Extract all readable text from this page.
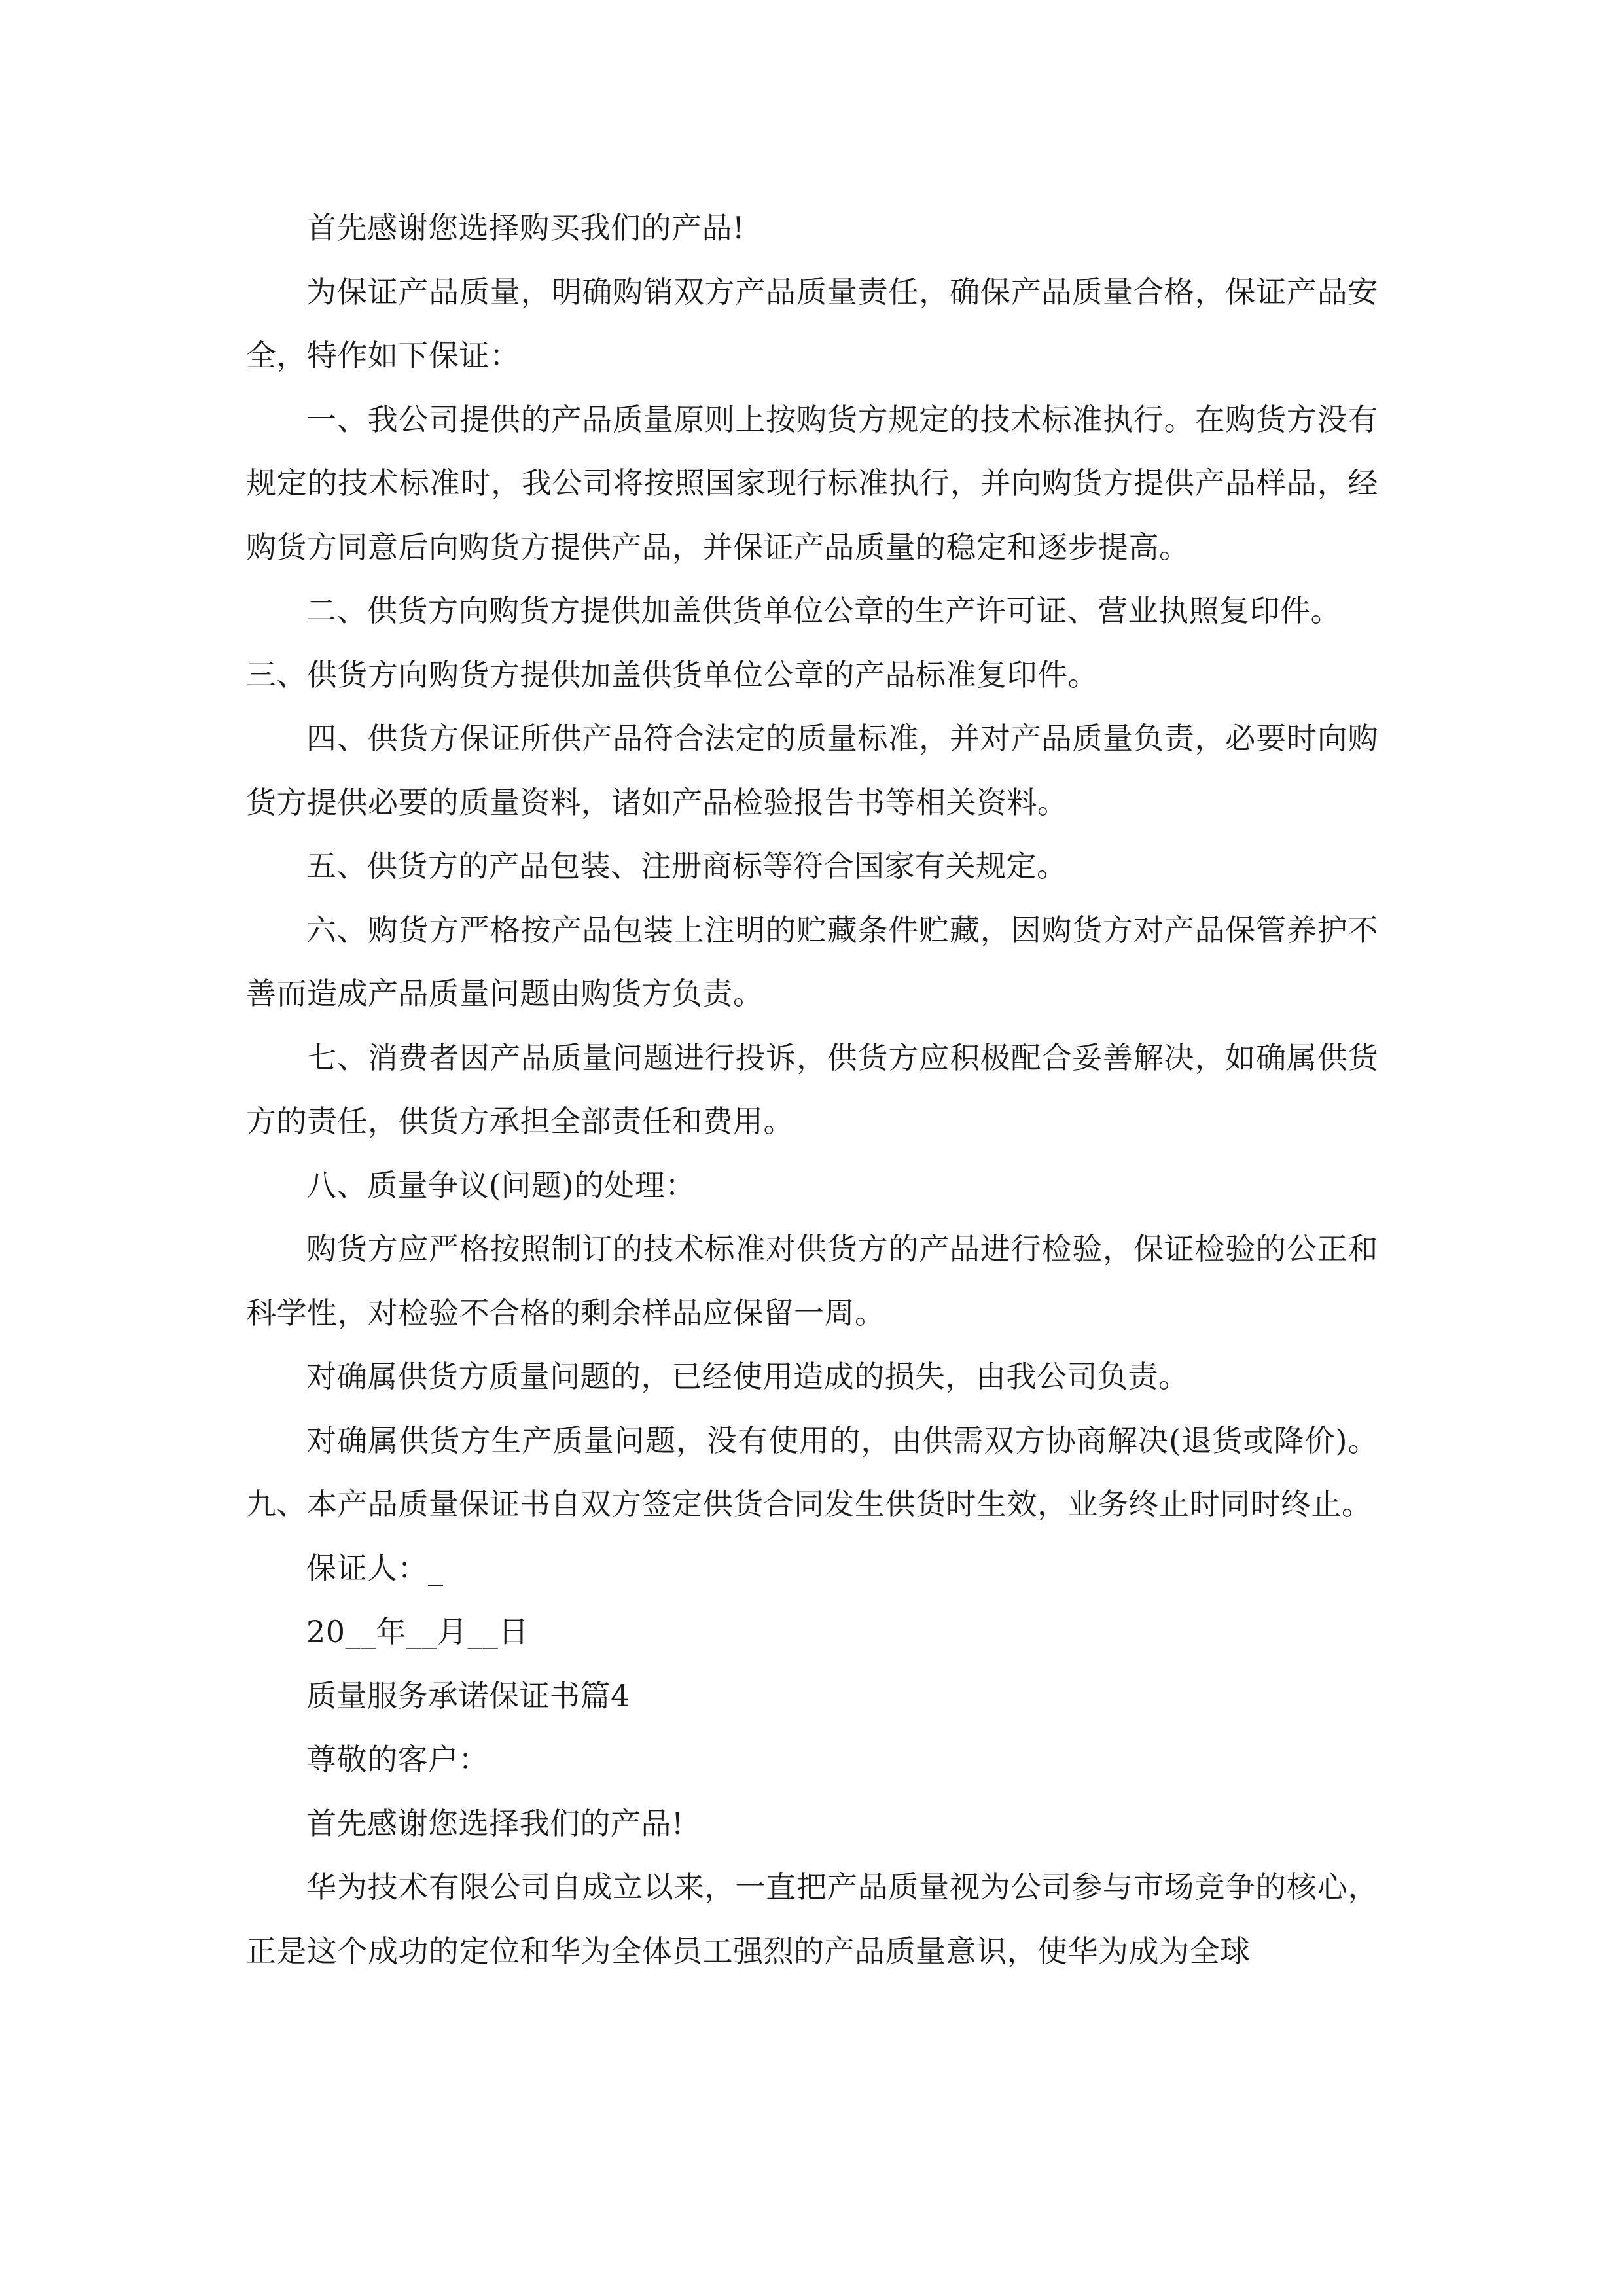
首先感谢您选择购买我们的产品!

为保证产品质量，明确购销双方产品质量责任，确保产品质量合格，保证产品安全，特作如下保证：

一、我公司提供的产品质量原则上按购货方规定的技术标准执行。在购货方没有规定的技术标准时，我公司将按照国家现行标准执行，并向购货方提供产品样品，经购货方同意后向购货方提供产品，并保证产品质量的稳定和逐步提高。

二、供货方向购货方提供加盖供货单位公章的生产许可证、营业执照复印件。

三、供货方向购货方提供加盖供货单位公章的产品标准复印件。

四、供货方保证所供产品符合法定的质量标准，并对产品质量负责，必要时向购货方提供必要的质量资料，诸如产品检验报告书等相关资料。

五、供货方的产品包装、注册商标等符合国家有关规定。

六、购货方严格按产品包装上注明的贮藏条件贮藏，因购货方对产品保管养护不善而造成产品质量问题由购货方负责。

七、消费者因产品质量问题进行投诉，供货方应积极配合妥善解决，如确属供货方的责任，供货方承担全部责任和费用。

八、质量争议(问题)的处理：

购货方应严格按照制订的技术标准对供货方的产品进行检验，保证检验的公正和科学性，对检验不合格的剩余样品应保留一周。

对确属供货方质量问题的，已经使用造成的损失，由我公司负责。

对确属供货方生产质量问题，没有使用的，由供需双方协商解决(退货或降价)。九、本产品质量保证书自双方签定供货合同发生供货时生效，业务终止时同时终止。

保证人：_

20__年__月__日

质量服务承诺保证书篇4

尊敬的客户：

首先感谢您选择我们的产品!

华为技术有限公司自成立以来，一直把产品质量视为公司参与市场竞争的核心，正是这个成功的定位和华为全体员工强烈的产品质量意识，使华为成为全球
